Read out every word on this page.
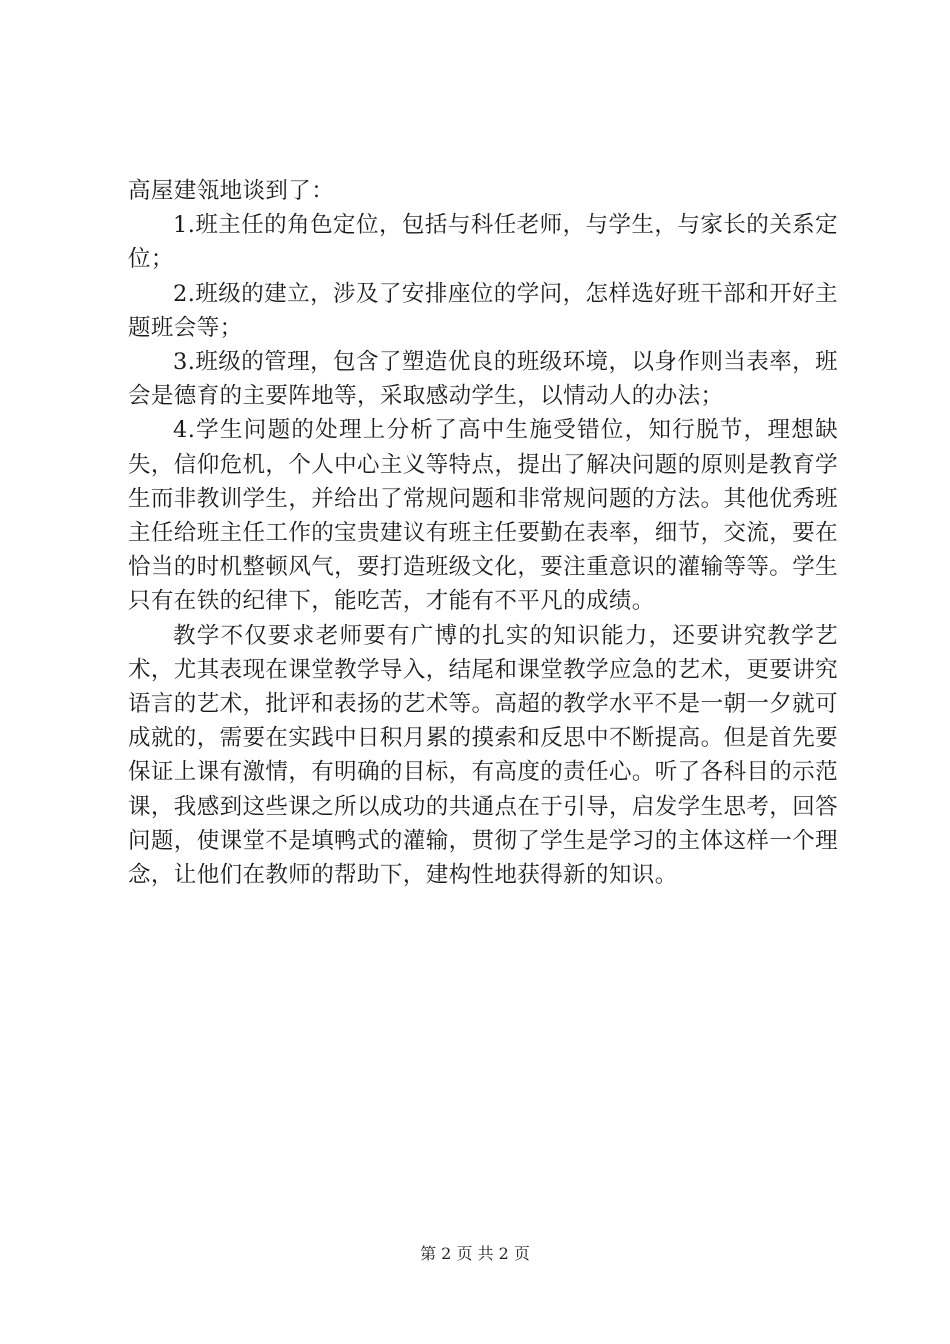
高屋建瓴地谈到了：

1.班主任的角色定位，包括与科任老师，与学生，与家长的关系定位；

2.班级的建立，涉及了安排座位的学问，怎样选好班干部和开好主题班会等；

3.班级的管理，包含了塑造优良的班级环境，以身作则当表率，班会是德育的主要阵地等，采取感动学生，以情动人的办法；

4.学生问题的处理上分析了高中生施受错位，知行脱节，理想缺失，信仰危机，个人中心主义等特点，提出了解决问题的原则是教育学生而非教训学生，并给出了常规问题和非常规问题的方法。其他优秀班主任给班主任工作的宝贵建议有班主任要勤在表率，细节，交流，要在恰当的时机整顿风气，要打造班级文化，要注重意识的灌输等等。学生只有在铁的纪律下，能吃苦，才能有不平凡的成绩。

教学不仅要求老师要有广博的扎实的知识能力，还要讲究教学艺术，尤其表现在课堂教学导入，结尾和课堂教学应急的艺术，更要讲究语言的艺术，批评和表扬的艺术等。高超的教学水平不是一朝一夕就可成就的，需要在实践中日积月累的摸索和反思中不断提高。但是首先要保证上课有激情，有明确的目标，有高度的责任心。听了各科目的示范课，我感到这些课之所以成功的共通点在于引导，启发学生思考，回答问题，使课堂不是填鸭式的灌输，贯彻了学生是学习的主体这样一个理念，让他们在教师的帮助下，建构性地获得新的知识。

第 2 页 共 2 页
